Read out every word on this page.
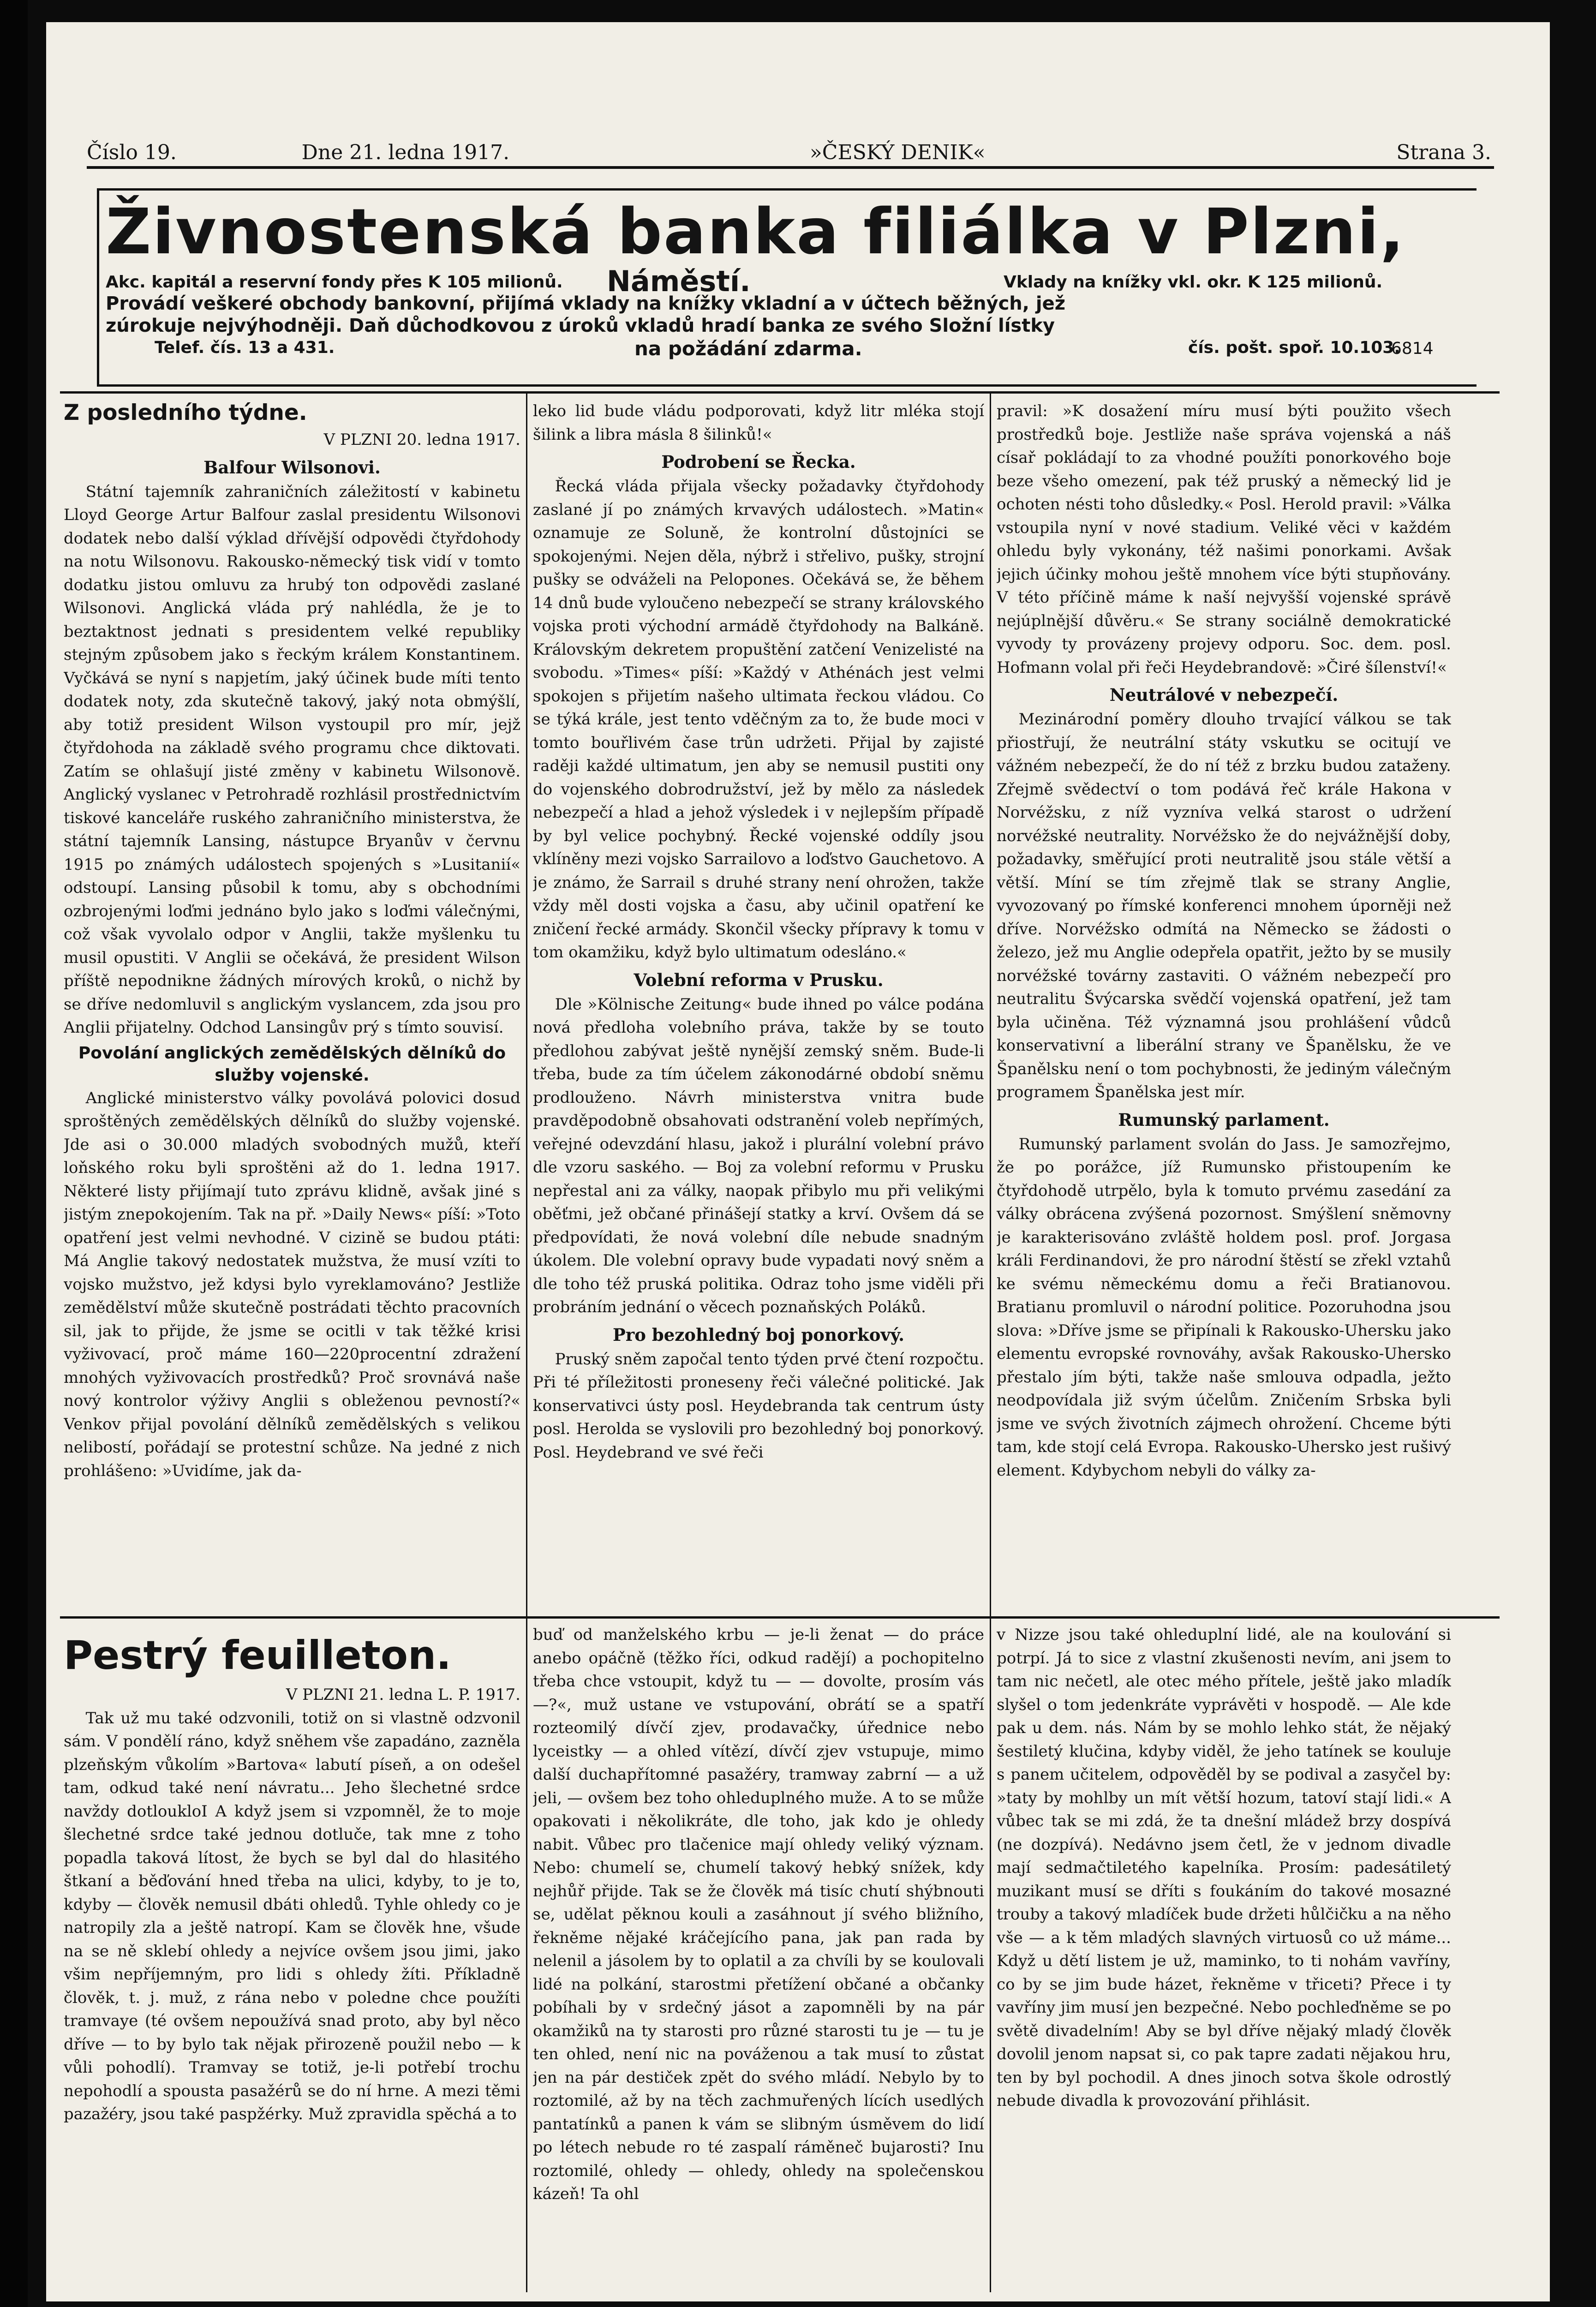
Číslo 19.	Dne 21. ledna 1917.	»ČESKÝ DENIK«	Strana 3.
Živnostenská banka filiálka v Plzni,
Akc. kapitál a reservní fondy přes K 105 milionů. Náměstí.	Vklady na knížky vkl. okr. K 125 milionů.
Provádí veškeré obchody bankovní, přijímá vklady na knížky vkladní a v účtech běžných, jež
zúrokuje nejvýhodněji. Daň důchodkovou z úroků vkladů hradí banka ze svého Složní lístky
Telef. čís. 13 a 431.	na požádání zdarma.	čís. pošt. spoř. 10.103.
6814
Z posledního týdne.

V PLZNI 20. ledna 1917.

Balfour Wilsonovi.

Státní tajemník zahraničních záležitostí v kabinetu Lloyd George Artur Balfour zaslal presidentu Wilsonovi dodatek nebo další výklad dřívější odpovědi čtyřdohody na notu Wilsonovu. Rakousko-německý tisk vidí v tomto dodatku jistou omluvu za hrubý ton odpovědi zaslané Wilsonovi. Anglická vláda prý nahlédla, že je to beztaktnost jednati s presidentem velké republiky stejným způsobem jako s řeckým králem Konstantinem. Vyčkává se nyní s napjetím, jaký účinek bude míti tento dodatek noty, zda skutečně takový, jaký nota obmýšlí, aby totiž president Wilson vystoupil pro mír, jejž čtyřdohoda na základě svého programu chce diktovati. Zatím se ohlašují jisté změny v kabinetu Wilsonově. Anglický vyslanec v Petrohradě rozhlásil prostřednictvím tiskové kanceláře ruského zahraničního ministerstva, že státní tajemník Lansing, nástupce Bryanův v červnu 1915 po známých událostech spojených s »Lusitanií« odstoupí. Lansing působil k tomu, aby s obchodními ozbrojenými loďmi jednáno bylo jako s loďmi válečnými, což však vyvolalo odpor v Anglii, takže myšlenku tu musil opustiti. V Anglii se očekává, že president Wilson příště nepodnikne žádných mírových kroků, o nichž by se dříve nedomluvil s anglickým vyslancem, zda jsou pro Anglii přijatelny. Odchod Lansingův prý s tímto souvisí.

Povolání anglických zemědělských dělníků do služby vojenské.

Anglické ministerstvo války povolává polovici dosud sproštěných zemědělských dělníků do služby vojenské. Jde asi o 30.000 mladých svobodných mužů, kteří loňského roku byli sproštěni až do 1. ledna 1917. Některé listy přijímají tuto zprávu klidně, avšak jiné s jistým znepokojením. Tak na př. »Daily News« píší: »Toto opatření jest velmi nevhodné. V cizině se budou ptáti: Má Anglie takový nedostatek mužstva, že musí vzíti to vojsko mužstvo, jež kdysi bylo vyreklamováno? Jestliže zemědělství může skutečně postrádati těchto pracovních sil, jak to přijde, že jsme se ocitli v tak těžké krisi vyživovací, proč máme 160—220procentní zdražení mnohých vyživovacích prostředků? Proč srovnává naše nový kontrolor výživy Anglii s obleženou pevností?« Venkov přijal povolání dělníků zemědělských s velikou nelibostí, pořádají se protestní schůze. Na jedné z nich prohlášeno: »Uvidíme, jak da-

leko lid bude vládu podporovati, když litr mléka stojí šilink a libra másla 8 šilinků!«

Podrobení se Řecka.

Řecká vláda přijala všecky požadavky čtyřdohody zaslané jí po známých krvavých událostech. »Matin« oznamuje ze Soluně, že kontrolní důstojníci se spokojenými. Nejen děla, nýbrž i střelivo, pušky, strojní pušky se odváželi na Pelopones. Očekává se, že během 14 dnů bude vyloučeno nebezpečí se strany královského vojska proti východní armádě čtyřdohody na Balkáně. Královským dekretem propuštění zatčení Venizelisté na svobodu. »Times« píší: »Každý v Athénách jest velmi spokojen s přijetím našeho ultimata řeckou vládou. Co se týká krále, jest tento vděčným za to, že bude moci v tomto bouřlivém čase trůn udržeti. Přijal by zajisté raději každé ultimatum, jen aby se nemusil pustiti ony do vojenského dobrodružství, jež by mělo za následek nebezpečí a hlad a jehož výsledek i v nejlepším případě by byl velice pochybný. Řecké vojenské oddíly jsou vklíněny mezi vojsko Sarrailovo a loďstvo Gauchetovo. A je známo, že Sarrail s druhé strany není ohrožen, takže vždy měl dosti vojska a času, aby učinil opatření ke zničení řecké armády. Skončil všecky přípravy k tomu v tom okamžiku, když bylo ultimatum odesláno.«

Volební reforma v Prusku.

Dle »Kölnische Zeitung« bude ihned po válce podána nová předloha volebního práva, takže by se touto předlohou zabývat ještě nynější zemský sněm. Bude-li třeba, bude za tím účelem zákonodárné období sněmu prodlouženo. Návrh ministerstva vnitra bude pravděpodobně obsahovati odstranění voleb nepřímých, veřejné odevzdání hlasu, jakož i plurální volební právo dle vzoru saského. — Boj za volební reformu v Prusku nepřestal ani za války, naopak přibylo mu při velikými oběťmi, jež občané přinášejí statky a krví. Ovšem dá se předpovídati, že nová volební díle nebude snadným úkolem. Dle volební opravy bude vypadati nový sněm a dle toho též pruská politika. Odraz toho jsme viděli při probráním jednání o věcech poznaňských Poláků.

Pro bezohledný boj ponorkový.

Pruský sněm započal tento týden prvé čtení rozpočtu. Při té příležitosti proneseny řeči válečné politické. Jak konservativci ústy posl. Heydebranda tak centrum ústy posl. Herolda se vyslovili pro bezohledný boj ponorkový. Posl. Heydebrand ve své řeči

pravil: »K dosažení míru musí býti použito všech prostředků boje. Jestliže naše správa vojenská a náš císař pokládají to za vhodné použíti ponorkového boje beze všeho omezení, pak též pruský a německý lid je ochoten nésti toho důsledky.« Posl. Herold pravil: »Válka vstoupila nyní v nové stadium. Veliké věci v každém ohledu byly vykonány, též našimi ponorkami. Avšak jejich účinky mohou ještě mnohem více býti stupňovány. V této příčině máme k naší nejvyšší vojenské správě nejúplnější důvěru.« Se strany sociálně demokratické vyvody ty provázeny projevy odporu. Soc. dem. posl. Hofmann volal při řeči Heydebrandově: »Čiré šílenství!«

Neutrálové v nebezpečí.

Mezinárodní poměry dlouho trvající válkou se tak přiostřují, že neutrální státy vskutku se ocitují ve vážném nebezpečí, že do ní též z brzku budou zataženy. Zřejmě svědectví o tom podává řeč krále Hakona v Norvéžsku, z níž vyzníva velká starost o udržení norvéžské neutrality. Norvéžsko že do nejvážnější doby, požadavky, směřující proti neutralitě jsou stále větší a větší. Míní se tím zřejmě tlak se strany Anglie, vyvozovaný po římské konferenci mnohem úporněji než dříve. Norvéžsko odmítá na Německo se žádosti o železo, jež mu Anglie odepřela opatřit, ježto by se musily norvéžské továrny zastaviti. O vážném nebezpečí pro neutralitu Švýcarska svědčí vojenská opatření, jež tam byla učiněna. Též významná jsou prohlášení vůdců konservativní a liberální strany ve Španělsku, že ve Španělsku není o tom pochybnosti, že jediným válečným programem Španělska jest mír.

Rumunský parlament.

Rumunský parlament svolán do Jass. Je samozřejmo, že po porážce, jíž Rumunsko přistoupením ke čtyřdohodě utrpělo, byla k tomuto prvému zasedání za války obrácena zvýšená pozornost. Smýšlení sněmovny je karakterisováno zvláště holdem posl. prof. Jorgasa králi Ferdinandovi, že pro národní štěstí se zřekl vztahů ke svému německému domu a řeči Bratianovou. Bratianu promluvil o národní politice. Pozoruhodna jsou slova: »Dříve jsme se připínali k Rakousko-Uhersku jako elementu evropské rovnováhy, avšak Rakousko-Uhersko přestalo jím býti, takže naše smlouva odpadla, ježto neodpovídala již svým účelům. Zničením Srbska byli jsme ve svých životních zájmech ohrožení. Chceme býti tam, kde stojí celá Evropa. Rakousko-Uhersko jest rušivý element. Kdybychom nebyli do války za-

Pestrý feuilleton.

V PLZNI 21. ledna L. P. 1917.

Tak už mu také odzvonili, totiž on si vlastně odzvonil sám. V pondělí ráno, když sněhem vše zapadáno, zazněla plzeňským vůkolím »Bartova« labutí píseň, a on odešel tam, odkud také není návratu... Jeho šlechetné srdce navždy dotloukloI A když jsem si vzpomněl, že to moje šlechetné srdce také jednou dotluče, tak mne z toho popadla taková lítost, že bych se byl dal do hlasitého štkaní a běďování hned třeba na ulici, kdyby, to je to, kdyby — člověk nemusil dbáti ohledů. Tyhle ohledy co je natropily zla a ještě natropí. Kam se člověk hne, všude na se ně sklebí ohledy a nejvíce ovšem jsou jimi, jako všim nepříjemným, pro lidi s ohledy žíti. Příkladně člověk, t. j. muž, z rána nebo v poledne chce použíti tramvaye (té ovšem nepoužívá snad proto, aby byl něco dříve — to by bylo tak nějak přirozeně použil nebo — k vůli pohodlí). Tramvay se totiž, je-li potřebí trochu nepohodlí a spousta pasažérů se do ní hrne. A mezi těmi pazažéry, jsou také paspžérky. Muž zpravidla spěchá a to

buď od manželského krbu — je-li ženat — do práce anebo opáčně (těžko říci, odkud radějí) a pochopitelno třeba chce vstoupit, když tu — — dovolte, prosím vás —?«, muž ustane ve vstupování, obrátí se a spatří rozteomilý dívčí zjev, prodavačky, úřednice nebo lyceistky — a ohled vítězí, dívčí zjev vstupuje, mimo další duchapřítomné pasažéry, tramway zabrní — a už jeli, — ovšem bez toho ohleduplného muže. A to se může opakovati i několikráte, dle toho, jak kdo je ohledy nabit. Vůbec pro tlačenice mají ohledy veliký význam. Nebo: chumelí se, chumelí takový hebký snížek, kdy nejhůř přijde. Tak se že člověk má tisíc chutí shýbnouti se, udělat pěknou kouli a zasáhnout jí svého bližního, řekněme nějaké kráčejícího pana, jak pan rada by nelenil a jásolem by to oplatil a za chvíli by se koulovali lidé na polkání, starostmi přetížení občané a občanky pobíhali by v srdečný jásot a zapomněli by na pár okamžiků na ty starosti pro různé starosti tu je — tu je ten ohled, není nic na pováženou a tak musí to zůstat jen na pár destiček zpět do svého mládí. Nebylo by to roztomilé, až by na těch zachmuřených lících usedlých pantatínků a panen k vám se slibným úsměvem do lidí po létech nebude ro té zaspalí ráměneč bujarosti? Inu roztomilé, ohledy — ohledy, ohledy na společenskou kázeň! Ta ohl

v Nizze jsou také ohleduplní lidé, ale na koulování si potrpí. Já to sice z vlastní zkušenosti nevím, ani jsem to tam nic nečetl, ale otec mého přítele, ještě jako mladík slyšel o tom jedenkráte vyprávěti v hospodě. — Ale kde pak u dem. nás. Nám by se mohlo lehko stát, že nějaký šestiletý klučina, kdyby viděl, že jeho tatínek se kouluje s panem učitelem, odpověděl by se podival a zasyčel by: »taty by mohlby un mít větší hozum, tatoví stají lidi.« A vůbec tak se mi zdá, že ta dnešní mládež brzy dospívá (ne dozpívá). Nedávno jsem četl, že v jednom divadle mají sedmačtiletého kapelníka. Prosím: padesátiletý muzikant musí se dříti s foukáním do takové mosazné trouby a takový mladíček bude držeti hůlčičku a na něho vše — a k těm mladých slavných virtuosů co už máme... Když u dětí listem je už, maminko, to ti nohám vavříny, co by se jim bude házet, řekněme v třiceti? Přece i ty vavříny jim musí jen bezpečné. Nebo pochleďněme se po světě divadelním! Aby se byl dříve nějaký mladý člověk dovolil jenom napsat si, co pak tapre zadati nějakou hru, ten by byl pochodil. A dnes jinoch sotva škole odrostlý nebude divadla k provozování přihlásit.
